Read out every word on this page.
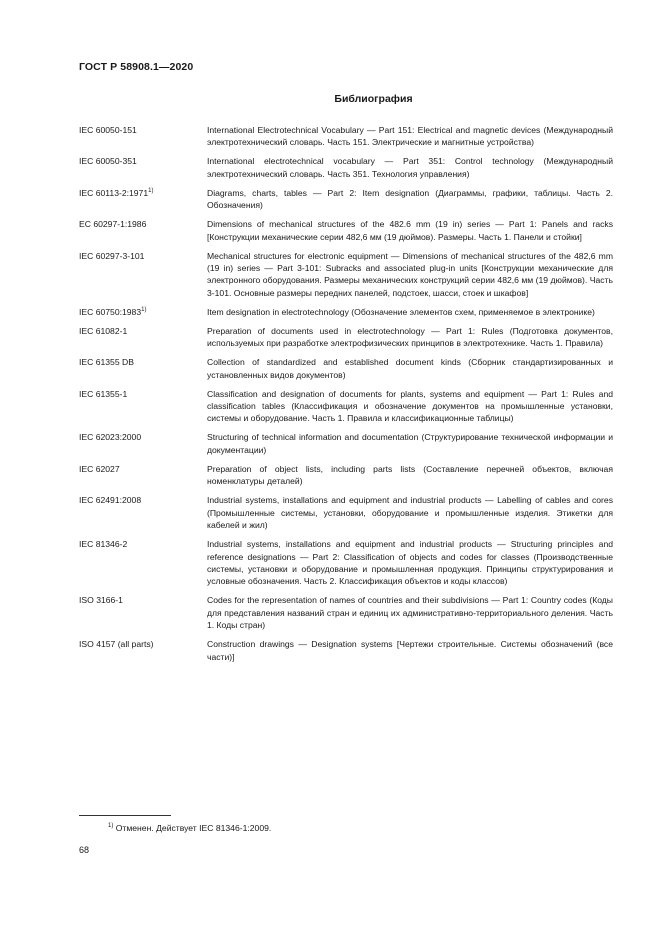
ГОСТ Р 58908.1—2020
Библиография
IEC 60050-151	International Electrotechnical Vocabulary — Part 151: Electrical and magnetic devices (Международный электротехнический словарь. Часть 151. Электрические и магнитные устройства)
IEC 60050-351	International electrotechnical vocabulary — Part 351: Control technology (Международный электротехнический словарь. Часть 351. Технология управления)
IEC 60113-2:1971$^{1)}$	Diagrams, charts, tables — Part 2: Item designation (Диаграммы, графики, таблицы. Часть 2. Обозначения)
EC 60297-1:1986	Dimensions of mechanical structures of the 482.6 mm (19 in) series — Part 1: Panels and racks [Конструкции механические серии 482,6 мм (19 дюймов). Размеры. Часть 1. Панели и стойки]
IEC 60297-3-101	Mechanical structures for electronic equipment — Dimensions of mechanical structures of the 482,6 mm (19 in) series — Part 3-101: Subracks and associated plug-in units [Конструкции механические для электронного оборудования. Размеры механических конструкций серии 482,6 мм (19 дюймов). Часть 3-101. Основные размеры передних панелей, подстоек, шасси, стоек и шкафов]
IEC 60750:1983$^{1)}$	Item designation in electrotechnology (Обозначение элементов схем, применяемое в электронике)
IEC 61082-1	Preparation of documents used in electrotechnology — Part 1: Rules (Подготовка документов, используемых при разработке электрофизических принципов в электротехнике. Часть 1. Правила)
IEC 61355 DB	Collection of standardized and established document kinds (Сборник стандартизированных и установленных видов документов)
IEC 61355-1	Classification and designation of documents for plants, systems and equipment — Part 1: Rules and classification tables (Классификация и обозначение документов на промышленные установки, системы и оборудование. Часть 1. Правила и классификационные таблицы)
IEC 62023:2000	Structuring of technical information and documentation (Структурирование технической информации и документации)
IEC 62027	Preparation of object lists, including parts lists (Составление перечней объектов, включая номенклатуры деталей)
IEC 62491:2008	Industrial systems, installations and equipment and industrial products — Labelling of cables and cores (Промышленные системы, установки, оборудование и промышленные изделия. Этикетки для кабелей и жил)
IEC 81346-2	Industrial systems, installations and equipment and industrial products — Structuring principles and reference designations — Part 2: Classification of objects and codes for classes (Производственные системы, установки и оборудование и промышленная продукция. Принципы структурирования и условные обозначения. Часть 2. Классификация объектов и коды классов)
ISO 3166-1	Codes for the representation of names of countries and their subdivisions — Part 1: Country codes (Коды для представления названий стран и единиц их административно-территориального деления. Часть 1. Коды стран)
ISO 4157 (all parts)	Construction drawings — Designation systems [Чертежи строительные. Системы обозначений (все части)]
$^{1)}$ Отменен. Действует IEC 81346-1:2009.
68
